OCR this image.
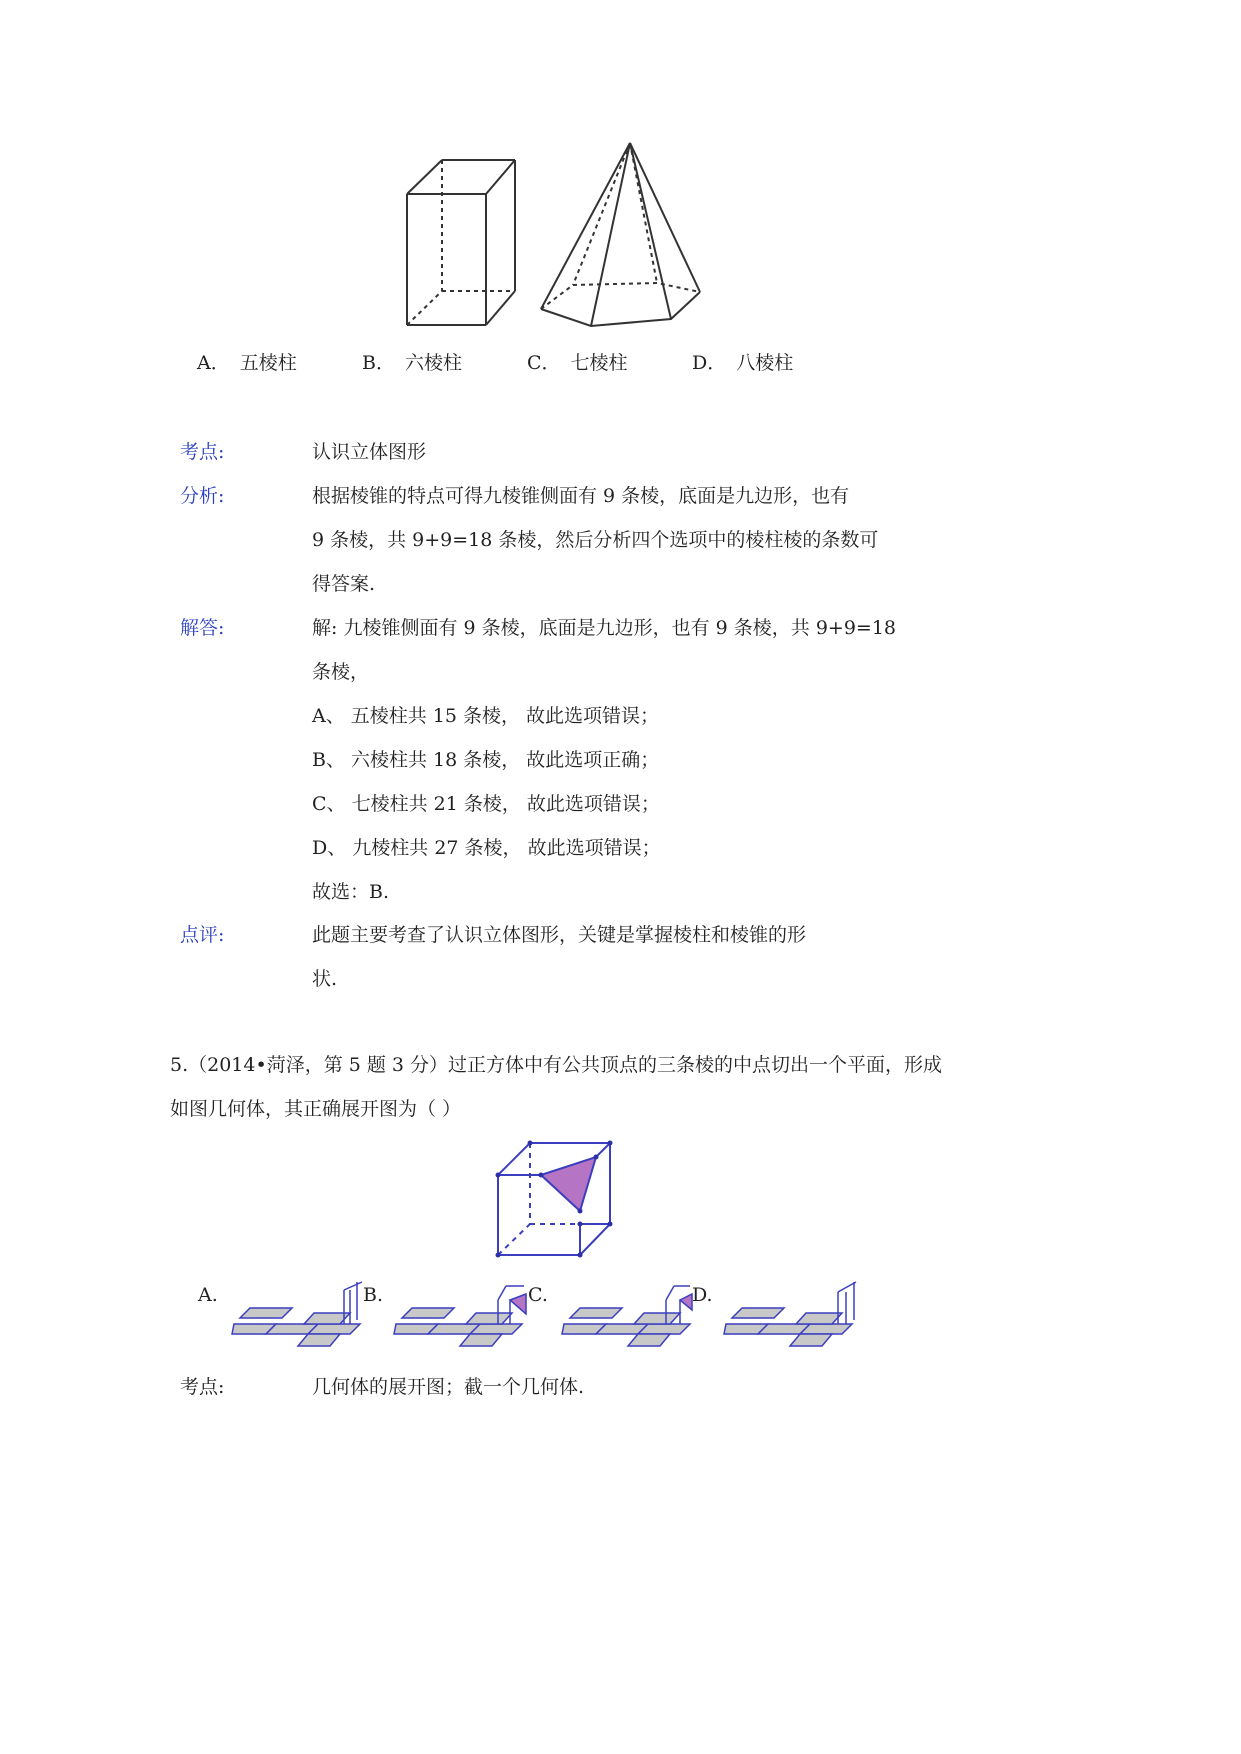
A． 五棱柱	B． 六棱柱	C． 七棱柱	D． 八棱柱
考点:	认识立体图形
分析:	根据棱锥的特点可得九棱锥侧面有 9 条棱，底面是九边形，也有
9 条棱，共 9+9=18 条棱，然后分析四个选项中的棱柱棱的条数可
得答案.
解答:	解: 九棱锥侧面有 9 条棱，底面是九边形，也有 9 条棱，共 9+9=18
条棱，
A、 五棱柱共 15 条棱， 故此选项错误；
B、 六棱柱共 18 条棱， 故此选项正确；
C、 七棱柱共 21 条棱， 故此选项错误；
D、 九棱柱共 27 条棱， 故此选项错误；
故选：B.
点评:	此题主要考查了认识立体图形，关键是掌握棱柱和棱锥的形
状.
5.（2014•菏泽，第 5 题 3 分）过正方体中有公共顶点的三条棱的中点切出一个平面，形成
如图几何体，其正确展开图为（ ）
A.	B.	C.	D.
考点:	几何体的展开图；截一个几何体.
